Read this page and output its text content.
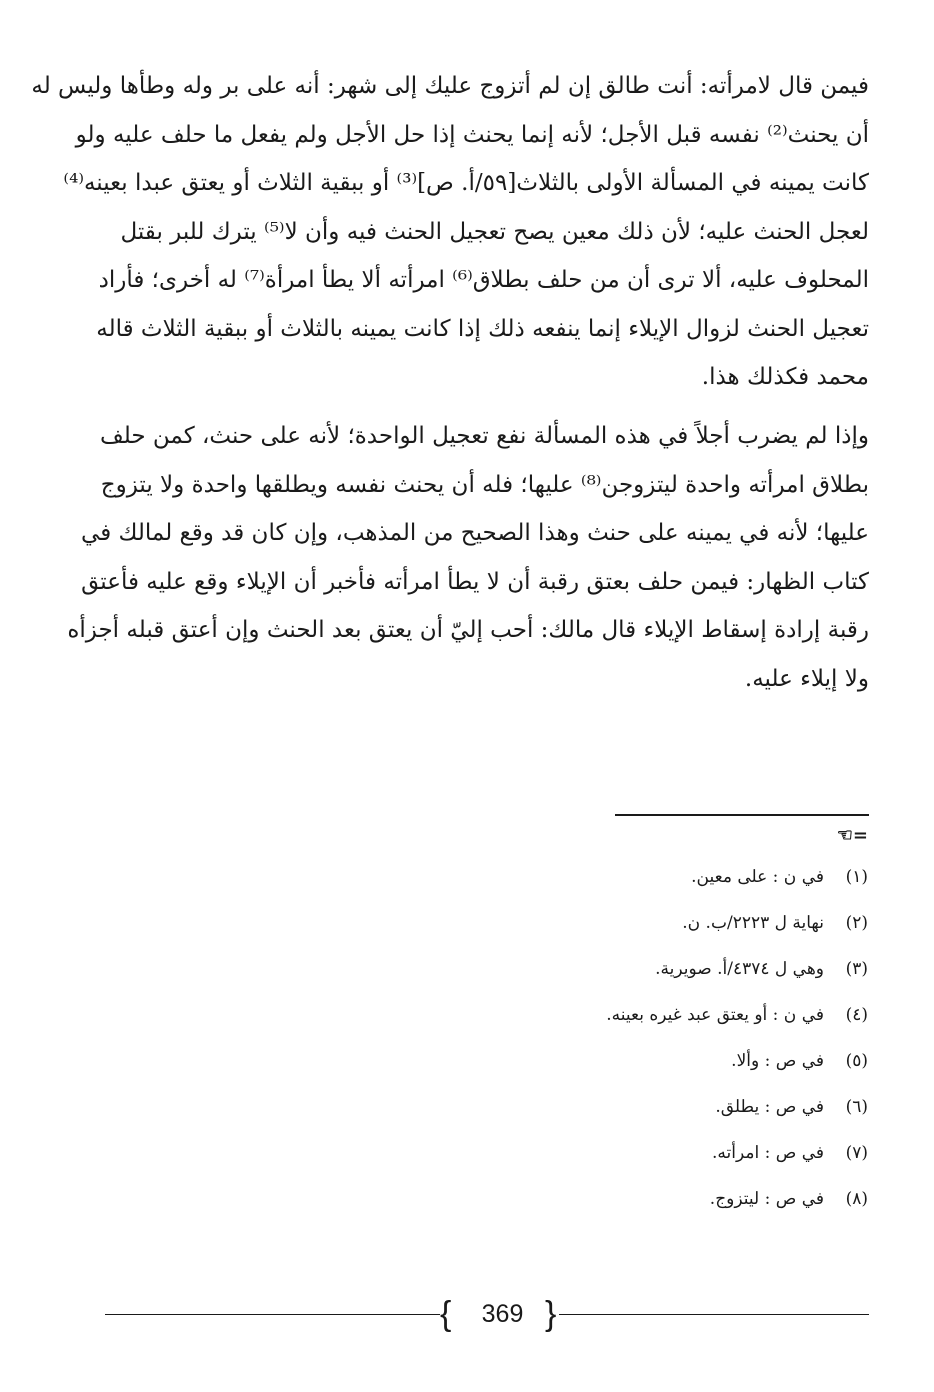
فيمن قال لامرأته: أنت طالق إن لم أتزوج عليك إلى شهر: أنه على بر وله وطأها وليس له
أن يحنث⁽²⁾ نفسه قبل الأجل؛ لأنه إنما يحنث إذا حل الأجل ولم يفعل ما حلف عليه ولو
كانت يمينه في المسألة الأولى بالثلاث[٥٩/أ. ص]⁽³⁾ أو ببقية الثلاث أو يعتق عبدا بعينه⁽⁴⁾
لعجل الحنث عليه؛ لأن ذلك معين يصح تعجيل الحنث فيه وأن لا⁽⁵⁾ يترك للبر بقتل
المحلوف عليه، ألا ترى أن من حلف بطلاق⁽⁶⁾ امرأته ألا يطأ امرأة⁽⁷⁾ له أخرى؛ فأراد
تعجيل الحنث لزوال الإيلاء إنما ينفعه ذلك إذا كانت يمينه بالثلاث أو ببقية الثلاث قاله
محمد فكذلك هذا.
وإذا لم يضرب أجلاً في هذه المسألة نفع تعجيل الواحدة؛ لأنه على حنث، كمن حلف
بطلاق امرأته واحدة ليتزوجن⁽⁸⁾ عليها؛ فله أن يحنث نفسه ويطلقها واحدة ولا يتزوج
عليها؛ لأنه في يمينه على حنث وهذا الصحيح من المذهب، وإن كان قد وقع لمالك في
كتاب الظهار: فيمن حلف بعتق رقبة أن لا يطأ امرأته فأخبر أن الإيلاء وقع عليه فأعتق
رقبة إرادة إسقاط الإيلاء قال مالك: أحب إليّ أن يعتق بعد الحنث وإن أعتق قبله أجزأه
ولا إيلاء عليه.
☜=
(١)في ن : على معين.
(٢)نهاية ل ٢٢٢٣/ب. ن.
(٣)وهي ل ٤٣٧٤/أ. صويرية.
(٤)في ن : أو يعتق عبد غيره بعينه.
(٥)في ص : وألا.
(٦)في ص : يطلق.
(٧)في ص : امرأته.
(٨)في ص : ليتزوج.
{	369 }
